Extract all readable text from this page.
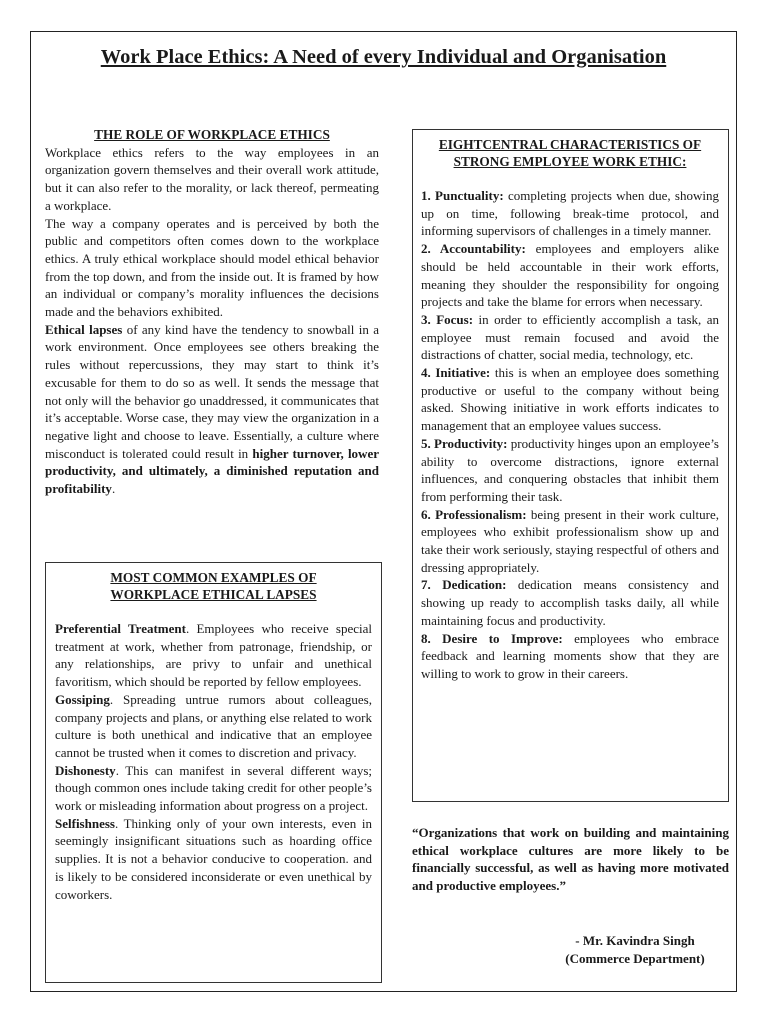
Work Place Ethics: A Need of every Individual and Organisation
THE ROLE OF WORKPLACE ETHICS

Workplace ethics refers to the way employees in an organization govern themselves and their overall work attitude, but it can also refer to the morality, or lack thereof, permeating a workplace.

The way a company operates and is perceived by both the public and competitors often comes down to the workplace ethics. A truly ethical workplace should model ethical behavior from the top down, and from the inside out. It is framed by how an individual or company’s morality influences the decisions made and the behaviors exhibited.

Ethical lapses of any kind have the tendency to snowball in a work environment. Once employees see others breaking the rules without repercussions, they may start to think it’s excusable for them to do so as well. It sends the message that not only will the behavior go unaddressed, it communicates that it’s acceptable. Worse case, they may view the organization in a negative light and choose to leave. Essentially, a culture where misconduct is tolerated could result in higher turnover, lower productivity, and ultimately, a diminished reputation and profitability.

MOST COMMON EXAMPLES OF
WORKPLACE ETHICAL LAPSES

Preferential Treatment. Employees who receive special treatment at work, whether from patronage, friendship, or any relationships, are privy to unfair and unethical favoritism, which should be reported by fellow employees.

Gossiping. Spreading untrue rumors about colleagues, company projects and plans, or anything else related to work culture is both unethical and indicative that an employee cannot be trusted when it comes to discretion and privacy.

Dishonesty. This can manifest in several different ways; though common ones include taking credit for other people’s work or misleading information about progress on a project.

Selfishness. Thinking only of your own interests, even in seemingly insignificant situations such as hoarding office supplies. It is not a behavior conducive to cooperation. and is likely to be considered inconsiderate or even unethical by coworkers.

EIGHTCENTRAL CHARACTERISTICS OF
STRONG EMPLOYEE WORK ETHIC:

1. Punctuality: completing projects when due, showing up on time, following break-time protocol, and informing supervisors of challenges in a timely manner.

2. Accountability: employees and employers alike should be held accountable in their work efforts, meaning they shoulder the responsibility for ongoing projects and take the blame for errors when necessary.

3. Focus: in order to efficiently accomplish a task, an employee must remain focused and avoid the distractions of chatter, social media, technology, etc.

4. Initiative: this is when an employee does something productive or useful to the company without being asked. Showing initiative in work efforts indicates to management that an employee values success.

5. Productivity: productivity hinges upon an employee’s ability to overcome distractions, ignore external influences, and conquering obstacles that inhibit them from performing their task.

6. Professionalism: being present in their work culture, employees who exhibit professionalism show up and take their work seriously, staying respectful of others and dressing appropriately.

7. Dedication: dedication means consistency and showing up ready to accomplish tasks daily, all while maintaining focus and productivity.

8. Desire to Improve: employees who embrace feedback and learning moments show that they are willing to work to grow in their careers.

“Organizations that work on building and maintaining ethical workplace cultures are more likely to be financially successful, as well as having more motivated and productive employees.”

- Mr. Kavindra Singh
(Commerce Department)
